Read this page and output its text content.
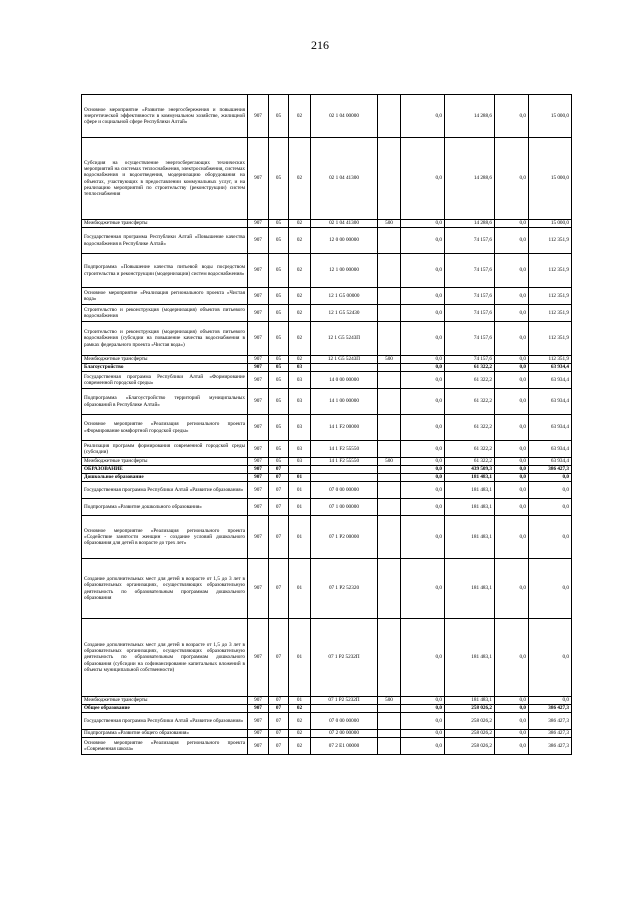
216
Основное мероприятие «Развитие энергосбережения и повышения энергетической эффективности в коммунальном хозяйстве, жилищной сфере и социальной сфере Республики Алтай»	907	05	02	02 1 04 00000		0,0	14 288,6	0,0	15 000,0
Субсидия на осуществление энергосберегающих технических мероприятий на системах теплоснабжения, электроснабжения, системах водоснабжения и водоотведения, модернизацию оборудования на объектах, участвующих в предоставлении коммунальных услуг, и на реализацию мероприятий по строительству (реконструкции) систем теплоснабжения	907	05	02	02 1 04 41300		0,0	14 288,6	0,0	15 000,0
Межбюджетные трансферты	907	05	02	02 1 04 41300	500	0,0	14 288,6	0,0	15 000,0
Государственная программа Республики Алтай «Повышение качества водоснабжения в Республике Алтай»	907	05	02	12 0 00 00000		0,0	74 157,6	0,0	112 351,9
Подпрограмма «Повышение качества питьевой воды посредством строительства и реконструкции (модернизации) систем водоснабжения»	907	05	02	12 1 00 00000		0,0	74 157,6	0,0	112 351,9
Основное мероприятие «Реализация регионального проекта «Чистая вода»	907	05	02	12 1 G5 00000		0,0	74 157,6	0,0	112 351,9
Строительство и реконструкция (модернизация) объектов питьевого водоснабжения	907	05	02	12 1 G5 52430		0,0	74 157,6	0,0	112 351,9
Строительство и реконструкция (модернизация) объектов питьевого водоснабжения (субсидии на повышение качества водоснабжения в рамках федерального проекта «Чистая вода»)	907	05	02	12 1 G5 5243П		0,0	74 157,6	0,0	112 351,9
Межбюджетные трансферты	907	05	02	12 1 G5 5243П	500	0,0	74 157,6	0,0	112 351,9
Благоустройство	907	05	03			0,0	61 322,2	0,0	63 934,4
Государственная программа Республики Алтай «Формирование современной городской среды»	907	05	03	14 0 00 00000		0,0	61 322,2	0,0	63 934,4
Подпрограмма «Благоустройство территорий муниципальных образований в Республике Алтай»	907	05	03	14 1 00 00000		0,0	61 322,2	0,0	63 934,4
Основное мероприятие «Реализация регионального проекта «Формирование комфортной городской среды»	907	05	03	14 1 F2 00000		0,0	61 322,2	0,0	63 934,4
Реализация программ формирования современной городской среды (субсидии)	907	05	03	14 1 F2 55550		0,0	61 322,2	0,0	63 934,4
Межбюджетные трансферты	907	05	03	14 1 F2 55550	500	0,0	61 322,2	0,0	63 934,4
ОБРАЗОВАНИЕ	907	07				0,0	439 509,3	0,0	386 427,3
Дошкольное образование	907	07	01			0,0	181 483,1	0,0	0,0
Государственная программа Республики Алтай «Развитие образования»	907	07	01	07 0 00 00000		0,0	181 483,1	0,0	0,0
Подпрограмма «Развитие дошкольного образования»	907	07	01	07 1 00 00000		0,0	181 483,1	0,0	0,0
Основное мероприятие «Реализация регионального проекта «Содействие занятости женщин - создание условий дошкольного образования для детей в возрасте до трех лет»	907	07	01	07 1 P2 00000		0,0	181 483,1	0,0	0,0
Создание дополнительных мест для детей в возрасте от 1,5 до 3 лет в образовательных организациях, осуществляющих образовательную деятельность по образовательным программам дошкольного образования	907	07	01	07 1 P2 52320		0,0	181 483,1	0,0	0,0
Создание дополнительных мест для детей в возрасте от 1,5 до 3 лет в образовательных организациях, осуществляющих образовательную деятельность по образовательным программам дошкольного образования (субсидии на софинансирование капитальных вложений в объекты муниципальной собственности)	907	07	01	07 1 P2 5232П		0,0	181 483,1	0,0	0,0
Межбюджетные трансферты	907	07	01	07 1 P2 5232П	500	0,0	181 483,1	0,0	0,0
Общее образование	907	07	02			0,0	258 026,2	0,0	386 427,3
Государственная программа Республики Алтай «Развитие образования»	907	07	02	07 0 00 00000		0,0	258 026,2	0,0	386 427,3
Подпрограмма «Развитие общего образования»	907	07	02	07 2 00 00000		0,0	258 026,2	0,0	386 427,3
Основное мероприятие «Реализация регионального проекта «Современная школа»	907	07	02	07 2 E1 00000		0,0	258 026,2	0,0	386 427,3
